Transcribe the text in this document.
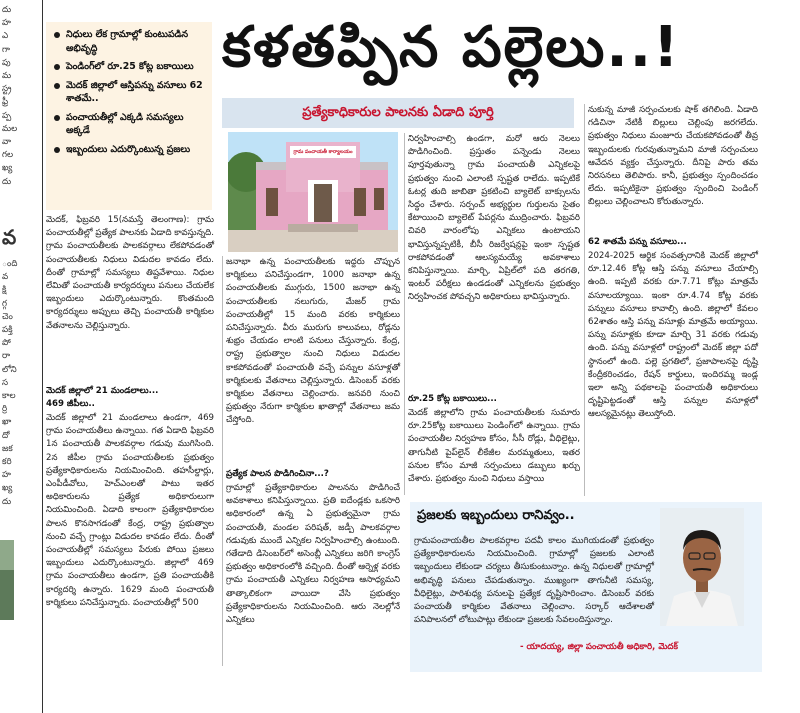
దు
హ
ఎ
గా
పు
మ
స్ట్ర
ఫ్రీ
ప్ప
మల
వా
గల
ఖ్య
దు
వ
ంది
వ
క్షి
గ్గ
చెం
పక్తి
పో
రా
లోని
స
కాల
ర్రి
ఖా
దో
జక
కరి
హ
ఖ్య
దు
నిధులు లేక గ్రామాల్లో కుంటుపడిన అభివృద్ధి
పెండింగ్‌లో రూ.25 కోట్ల బకాయిలు
మెదక్ జిల్లాలో ఆస్తిపన్ను వసూలు 62 శాతమే..
పంచాయతీల్లో ఎక్కడి సమస్యలు అక్కడే
ఇబ్బందులు ఎదుర్కొంటున్న ప్రజలు
కళతప్పిన పల్లెలు..!
ప్రత్యేకాధికారుల పాలనకు ఏడాది పూర్తి
గ్రామ పంచాయతీ కార్యాలయం
మెదక్, ఫిబ్రవరి 15(నమస్తే తెలంగాణ): గ్రామ పంచాయతీల్లో ప్రత్యేక పాలనకు ఏడాది కావస్తున్నది. గ్రామ పంచాయతీలకు పాలకవర్గాలు లేకపోవడంతో పంచాయతీలకు నిధులు విడుదల కావడం లేదు. దీంతో గ్రామాల్లో సమస్యలు తిష్టవేశాయి. నిధుల లేమితో పంచాయతీ కార్యదర్శులు పనులు చేయలేక ఇబ్బందులు ఎదుర్కొంటున్నారు. కొంతమంది కార్యదర్శులు అప్పులు తెచ్చి పంచాయతీ కార్మికుల వేతనాలను చెల్లిస్తున్నారు.
మెదక్ జిల్లాలో 21 మండలాలు...
469 జీపీలు..
మెదక్ జిల్లాలో 21 మండలాలు ఉండగా, 469 గ్రామ పంచాయతీలు ఉన్నాయి. గత ఏడాది ఫిబ్రవరి 1న పంచాయతీ పాలకవర్గాల గడువు ముగిసింది. 2న జీపీల గ్రామ పంచాయతీలకు ప్రభుత్వం ప్రత్యేకాధికారులను నియమించింది. తహసీల్దార్లు, ఎంపీడీవోలు, హెచ్‌ఎంలతో పాటు ఇతర అధికారులను ప్రత్యేక అధికారులుగా నియమించింది. ఏడాది కాలంగా ప్రత్యేకాధికారుల పాలన కొనసాగడంతో కేంద్ర, రాష్ట్ర ప్రభుత్వాల నుంచి వచ్చే గ్రాంట్లు విడుదల కావడం లేదు. దీంతో పంచాయతీల్లో సమస్యలు పేరుకు పోయి ప్రజలు ఇబ్బందులు ఎదుర్కొంటున్నారు. జిల్లాలో 469 గ్రామ పంచాయతీలు ఉండగా, ప్రతి పంచాయతీకి కార్యదర్శి ఉన్నారు. 1629 మంది పంచాయతీ కార్మికులు పనిచేస్తున్నారు. పంచాయతీల్లో 500
జనాభా ఉన్న పంచాయతీలకు ఇద్దరు చొప్పున కార్మికులు పనిచేస్తుండగా, 1000 జనాభా ఉన్న పంచాయతీలకు ముగ్గురు, 1500 జనాభా ఉన్న పంచాయతీలకు నలుగురు, మేజర్ గ్రామ పంచాయతీల్లో 15 మంది వరకు కార్మికులు పనిచేస్తున్నారు. వీరు మురుగు కాలువలు, రోడ్లను శుభ్రం చేయడం లాంటి పనులు చేస్తున్నారు. కేంద్ర, రాష్ట్ర ప్రభుత్వాల నుంచి నిధులు విడుదల కాకపోవడంతో పంచాయతీ వచ్చే పన్నుల వసూళ్లతో కార్మికులకు వేతనాలు చెల్లిస్తున్నారు. డిసెంబర్ వరకు కార్మికుల వేతనాలు చెల్లించారు. జనవరి నుంచి ప్రభుత్వం నేరుగా కార్మికుల ఖాతాల్లో వేతనాలు జమ చేస్తోంది.
ప్రత్యేక పాలన పొడిగించినా...?
గ్రామాల్లో ప్రత్యేకాధికారుల పాలనను పొడిగించే అవకాశాలు కనిపిస్తున్నాయి. ప్రతి ఐదేండ్లకు ఒకసారి అధికారంలో ఉన్న ఏ ప్రభుత్వమైనా గ్రామ పంచాయతీ, మండల పరిషత్, జడ్పీ పాలకవర్గాల గడువుకు ముందే ఎన్నికల నిర్వహించాల్సి ఉంటుంది. గతేడాది డిసెంబర్‌లో అసెంబ్లీ ఎన్నికలు జరిగి కాంగ్రెస్ ప్రభుత్వం అధికారంలోకి వచ్చింది. దీంతో ఆర్నెళ్ల వరకు గ్రామ పంచాయతీ ఎన్నికలు నిర్వహణ ఆసాధ్యమని తాత్కాలికంగా వాయిదా వేసి ప్రభుత్వం ప్రత్యేకాధికారులను నియమించింది. ఆరు నెలల్లోనే ఎన్నికలు
నిర్వహించాల్సి ఉండగా, మరో ఆరు నెలలు పొడిగించింది. ప్రస్తుతం పన్నెండు నెలలు పూర్తవుతున్నా గ్రామ పంచాయతీ ఎన్నికలపై ప్రభుత్వం నుంచి ఎలాంటి స్పష్టత రాలేదు. ఇప్పటికే ఓటర్ల తుది జాబితా ప్రకటించి బ్యాలెట్ బాక్సులను సిద్ధం చేశారు. సర్పంచ్ అభ్యర్థుల గుర్తులను సైతం కేటాయించి బ్యాలెట్ పేపర్లను ముద్రించారు. ఫిబ్రవరి చివరి వారంలోపు ఎన్నికలు ఉంటాయని భావిస్తున్నప్పటికీ, బీసీ రిజర్వేషన్లపై ఇంకా స్పష్టత రాకపోవడంతో ఆలస్యమయ్యే అవకాశాలు కనిపిస్తున్నాయి. మార్చి, ఏప్రిల్‌లో పది తరగతి, ఇంటర్ పరీక్షలు ఉండడంతో ఎన్నికలను ప్రభుత్వం నిర్వహించక పోవచ్చని అధికారులు భావిస్తున్నారు.
రూ.25 కోట్ల బకాయిలు...
మెదక్ జిల్లాలోని గ్రామ పంచాయతీలకు సుమారు రూ.25కోట్ల బకాయిలు పెండింగ్‌లో ఉన్నాయి. గ్రామ పంచాయతీల నిర్వహణ కోసం, సీసీ రోడ్లు, వీధిలైట్లు, తాగునీటి పైప్‌లైన్ లీకేజీల మరమ్మతులు, ఇతర పనుల కోసం మాజీ సర్పంచులు డబ్బులు ఖర్చు చేశారు. ప్రభుత్వం నుంచి నిధులు వస్తాయి
నుకున్న మాజీ సర్పంచులకు షాక్ తగిలింది. ఏడాది గడిచినా నేటికీ బిల్లులు చెల్లింపు జరగలేదు. ప్రభుత్వం నిధులు మంజూరు చేయకపోవడంతో తీవ్ర ఇబ్బందులకు గురవుతున్నామని మాజీ సర్పంచులు ఆవేదన వ్యక్తం చేస్తున్నారు. దీనిపై పారు తమ నిరసనలు తెలిపారు. కానీ, ప్రభుత్వం స్పందించడం లేదు. ఇప్పటికైనా ప్రభుత్వం స్పందించి పెండింగ్ బిల్లులు చెల్లించాలని కోరుతున్నారు.
62 శాతమే పన్ను వసూలు...
2024-2025 ఆర్థిక సంవత్సరానికి మెదక్ జిల్లాలో రూ.12.46 కోట్ల ఆస్తి పన్ను వసూలు చేయాల్సి ఉంది. ఇప్పటి వరకు రూ.7.71 కోట్లు మాత్రమే వసూలయ్యాయి. ఇంకా రూ.4.74 కోట్ల వరకు పన్నులు వసూలు కావాల్సి ఉంది. జిల్లాలో కేవలం 62శాతం ఆస్తి పన్ను వసూళ్లు మాత్రమే అయ్యాయి. పన్ను వసూళ్లకు కూడా మార్చి 31 వరకు గడువు ఉంది. పన్ను వసూళ్లలో రాష్ట్రంలో మెదక్ జిల్లా పదో స్థానంలో ఉంది. పల్లె ప్రగతిలో, ప్రజాపాలనపై దృష్టి కేంద్రీకరించడం, రేషన్ కార్డులు, ఇందిరమ్మ ఇండ్ల ఇలా అన్ని పథకాలపై పంచాయతీ అధికారులు దృష్టిపెట్టడంతో ఆస్తి పన్నుల వసూళ్లలో ఆలస్యమైనట్లు తెలుస్తోంది.
ప్రజలకు ఇబ్బందులు రానివ్వం..
గ్రామపంచాయతీల పాలకవర్గాల పదవీ కాలం ముగియడంతో ప్రభుత్వం ప్రత్యేకాధికారులను నియమించింది. గ్రామాల్లో ప్రజలకు ఎలాంటి ఇబ్బందులు లేకుండా చర్యలు తీసుకుంటున్నాం. ఉన్న నిధులతో గ్రామాల్లో అభివృద్ధి పనులు చేపడుతున్నాం. ముఖ్యంగా తాగునీటి సమస్య, వీధిలైట్లు, పారిశుధ్య పనులపై ప్రత్యేక దృష్టిసారించాం. డిసెంబర్ వరకు పంచాయతీ కార్మికుల వేతనాలు చెల్లించాం. సర్కార్ ఆదేశాలతో పనిపాలనలో లోటుపాట్లు లేకుండా ప్రజలకు సేవలందిస్తున్నాం.
- యాదయ్య, జిల్లా పంచాయతీ అధికారి, మెదక్
